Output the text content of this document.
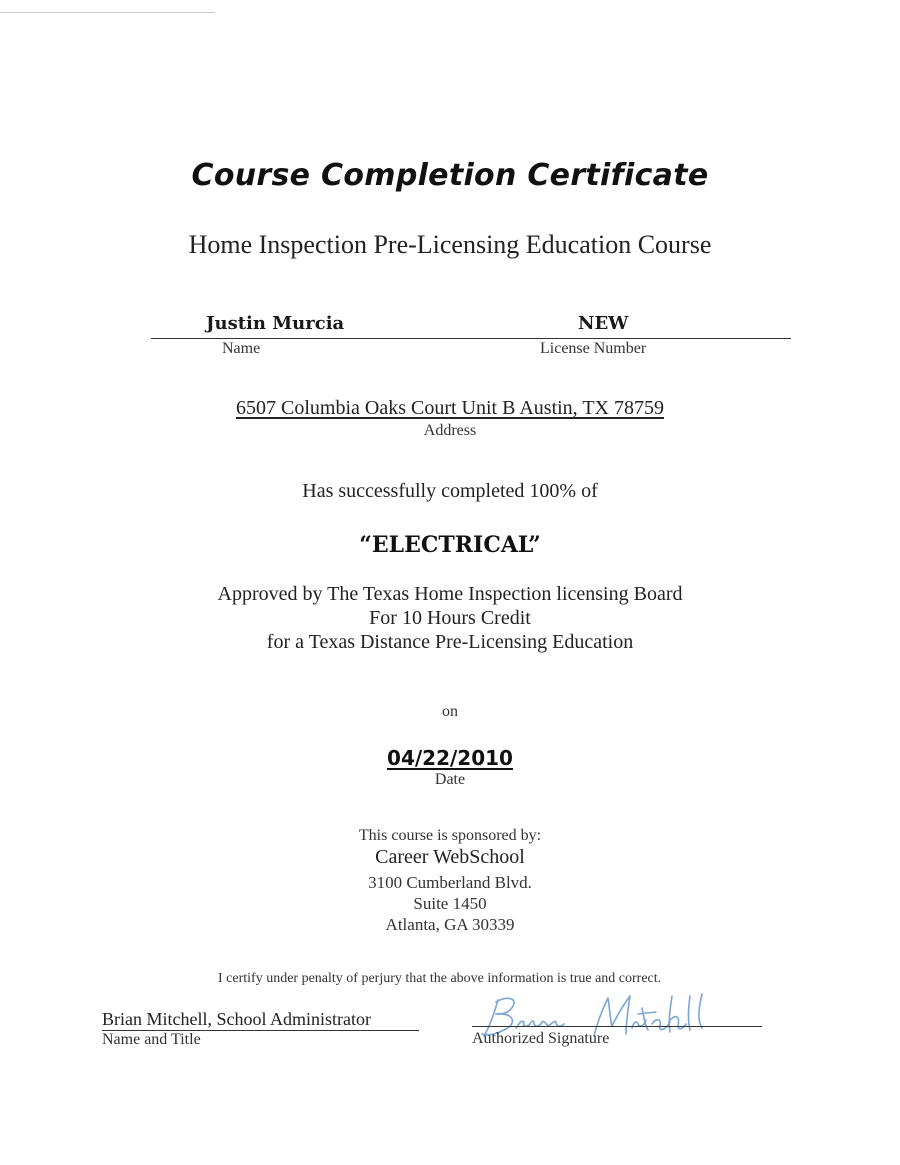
Course Completion Certificate
Home Inspection Pre-Licensing Education Course
Justin Murcia	NEW
Name	License Number
6507 Columbia Oaks Court Unit B Austin, TX 78759
Address
Has successfully completed 100% of
“ELECTRICAL”
Approved by The Texas Home Inspection licensing Board
For 10 Hours Credit
for a Texas Distance Pre-Licensing Education
on
04/22/2010
Date
This course is sponsored by:
Career WebSchool
3100 Cumberland Blvd.
Suite 1450
Atlanta, GA 30339
I certify under penalty of perjury that the above information is true and correct.
Brian Mitchell, School Administrator
Name and Title	Authorized Signature
